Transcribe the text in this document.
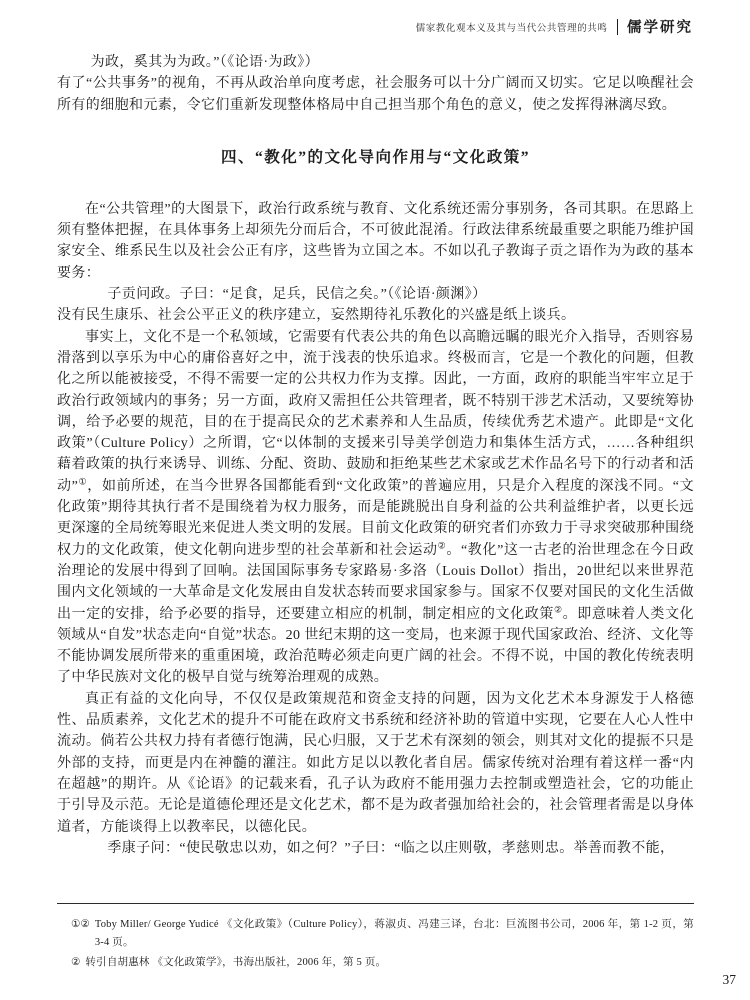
儒家教化观本义及其与当代公共管理的共鸣 儒学研究

为政，奚其为为政。”（《论语·为政》）

有了“公共事务”的视角，不再从政治单向度考虑，社会服务可以十分广阔而又切实。它足以唤醒社会所有的细胞和元素，令它们重新发现整体格局中自己担当那个角色的意义，使之发挥得淋漓尽致。

四、“教化”的文化导向作用与“文化政策”

在“公共管理”的大图景下，政治行政系统与教育、文化系统还需分事别务，各司其职。在思路上须有整体把握，在具体事务上却须先分而后合，不可彼此混淆。行政法律系统最重要之职能乃维护国家安全、维系民生以及社会公正有序，这些皆为立国之本。不如以孔子教诲子贡之语作为为政的基本要务：

子贡问政。子曰：“足食，足兵，民信之矣。”（《论语·颜渊》）

没有民生康乐、社会公平正义的秩序建立，妄然期待礼乐教化的兴盛是纸上谈兵。

事实上，文化不是一个私领域，它需要有代表公共的角色以高瞻远瞩的眼光介入指导，否则容易滑落到以享乐为中心的庸俗喜好之中，流于浅表的快乐追求。终极而言，它是一个教化的问题，但教化之所以能被接受，不得不需要一定的公共权力作为支撑。因此，一方面，政府的职能当牢牢立足于政治行政领域内的事务；另一方面，政府又需担任公共管理者，既不特别干涉艺术活动，又要统筹协调，给予必要的规范，目的在于提高民众的艺术素养和人生品质，传续优秀艺术遗产。此即是“文化政策”（Culture Policy）之所谓，它“以体制的支援来引导美学创造力和集体生活方式，……各种组织藉着政策的执行来诱导、训练、分配、资助、鼓励和拒绝某些艺术家或艺术作品名号下的行动者和活动”①，如前所述，在当今世界各国都能看到“文化政策”的普遍应用，只是介入程度的深浅不同。“文化政策”期待其执行者不是围绕着为权力服务，而是能跳脱出自身利益的公共利益维护者，以更长远更深邃的全局统筹眼光来促进人类文明的发展。目前文化政策的研究者们亦致力于寻求突破那种围绕权力的文化政策，使文化朝向进步型的社会革新和社会运动②。“教化”这一古老的治世理念在今日政治理论的发展中得到了回响。法国国际事务专家路易·多洛（Louis Dollot）指出，20世纪以来世界范围内文化领域的一大革命是文化发展由自发状态转而要求国家参与。国家不仅要对国民的文化生活做出一定的安排，给予必要的指导，还要建立相应的机制，制定相应的文化政策②。即意味着人类文化领域从“自发”状态走向“自觉”状态。20 世纪末期的这一变局，也来源于现代国家政治、经济、文化等不能协调发展所带来的重重困境，政治范畴必须走向更广阔的社会。不得不说，中国的教化传统表明了中华民族对文化的极早自觉与统筹治理观的成熟。

真正有益的文化向导，不仅仅是政策规范和资金支持的问题，因为文化艺术本身源发于人格德性、品质素养，文化艺术的提升不可能在政府文书系统和经济补助的管道中实现，它要在人心人性中流动。倘若公共权力持有者德行饱满，民心归服，又于艺术有深刻的领会，则其对文化的提振不只是外部的支持，而更是内在神髓的灌注。如此方足以以教化者自居。儒家传统对治理有着这样一番“内在超越”的期许。从《论语》的记载来看，孔子认为政府不能用强力去控制或塑造社会，它的功能止于引导及示范。无论是道德伦理还是文化艺术，都不是为政者强加给社会的，社会管理者需是以身体道者，方能谈得上以教率民，以德化民。

季康子问：“使民敬忠以劝，如之何？”子曰：“临之以庄则敬，孝慈则忠。举善而教不能，

①② Toby Miller/ George Yudicé 《文化政策》（Culture Policy），蒋淑贞、冯建三译，台北：巨流图书公司，2006 年，第 1-2 页，第 3-4 页。
② 转引自胡惠林 《文化政策学》，书海出版社，2006 年，第 5 页。
37
